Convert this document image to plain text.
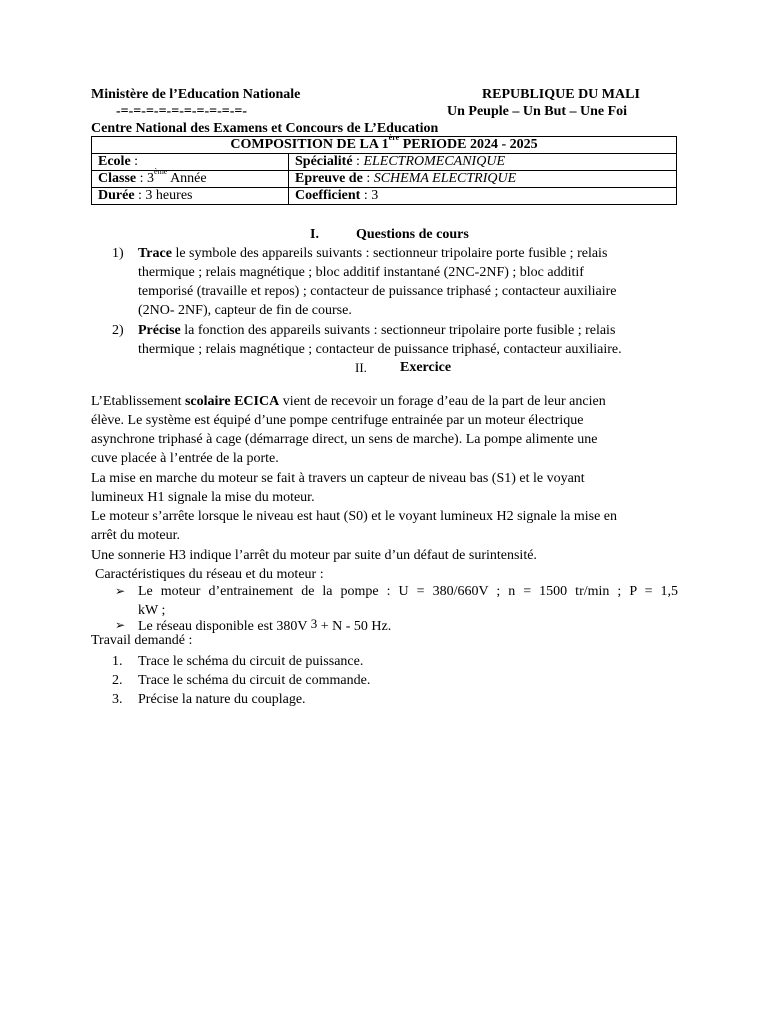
Ministère de l’Education Nationale	REPUBLIQUE DU MALI
-=-=-=-=-=-=-=-=-=-=-	Un Peuple – Un But – Une Foi
Centre National des Examens et Concours de L’Education
COMPOSITION DE LA 1ère PERIODE 2024 - 2025	
Ecole :	Spécialité : ELECTROMECANIQUE
Classe : 3ème Année	Epreuve de : SCHEMA ELECTRIQUE
Durée : 3 heures	Coefficient : 3
I.	Questions de cours
1) Trace le symbole des appareils suivants : sectionneur tripolaire porte fusible ; relais
thermique ; relais magnétique ; bloc additif instantané (2NC-2NF) ; bloc additif
temporisé (travaille et repos) ; contacteur de puissance triphasé ; contacteur auxiliaire
(2NO- 2NF), capteur de fin de course.
2) Précise la fonction des appareils suivants : sectionneur tripolaire porte fusible ; relais
thermique ; relais magnétique ; contacteur de puissance triphasé, contacteur auxiliaire.
II. Exercice
L’Etablissement scolaire ECICA vient de recevoir un forage d’eau de la part de leur ancien
élève. Le système est équipé d’une pompe centrifuge entrainée par un moteur électrique
asynchrone triphasé à cage (démarrage direct, un sens de marche). La pompe alimente une
cuve placée à l’entrée de la porte.
La mise en marche du moteur se fait à travers un capteur de niveau bas (S1) et le voyant
lumineux H1 signale la mise du moteur.
Le moteur s’arrête lorsque le niveau est haut (S0) et le voyant lumineux H2 signale la mise en
arrêt du moteur.
Une sonnerie H3 indique l’arrêt du moteur par suite d’un défaut de surintensité.
Caractéristiques du réseau et du moteur :
➢ Le moteur d’entrainement de la pompe : U = 380/660V ; n = 1500 tr/min ; P = 1,5
kW ;
➢ Le réseau disponible est 380V 3 + N - 50 Hz.
Travail demandé :
1. Trace le schéma du circuit de puissance.
2. Trace le schéma du circuit de commande.
3. Précise la nature du couplage.
